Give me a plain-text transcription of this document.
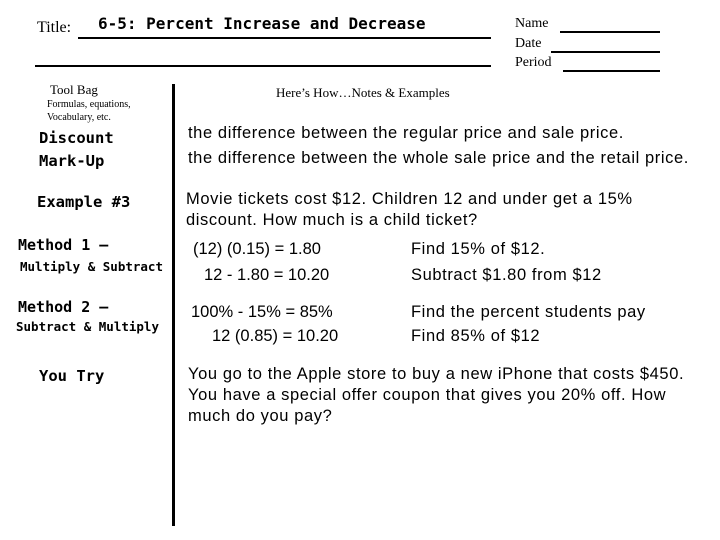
Title: 6-5: Percent Increase and Decrease	Name
Date
Period
Tool Bag
Formulas, equations, Vocabulary, etc.
Here’s How…Notes & Examples
Discount
Mark-Up
Example #3
Method 1 –
Multiply & Subtract
Method 2 –
Subtract & Multiply
You Try
the difference between the regular price and sale price.
the difference between the whole sale price and the retail price.
Movie tickets cost $12. Children 12 and under get a 15% discount. How much is a child ticket?
(12) (0.15) = 1.80
12 - 1.80 = 10.20
Find 15% of $12.
Subtract $1.80 from $12
100% - 15% = 85%
12 (0.85) = 10.20
Find the percent students pay
Find 85% of $12
You go to the Apple store to buy a new iPhone that costs $450. You have a special offer coupon that gives you 20% off. How much do you pay?
